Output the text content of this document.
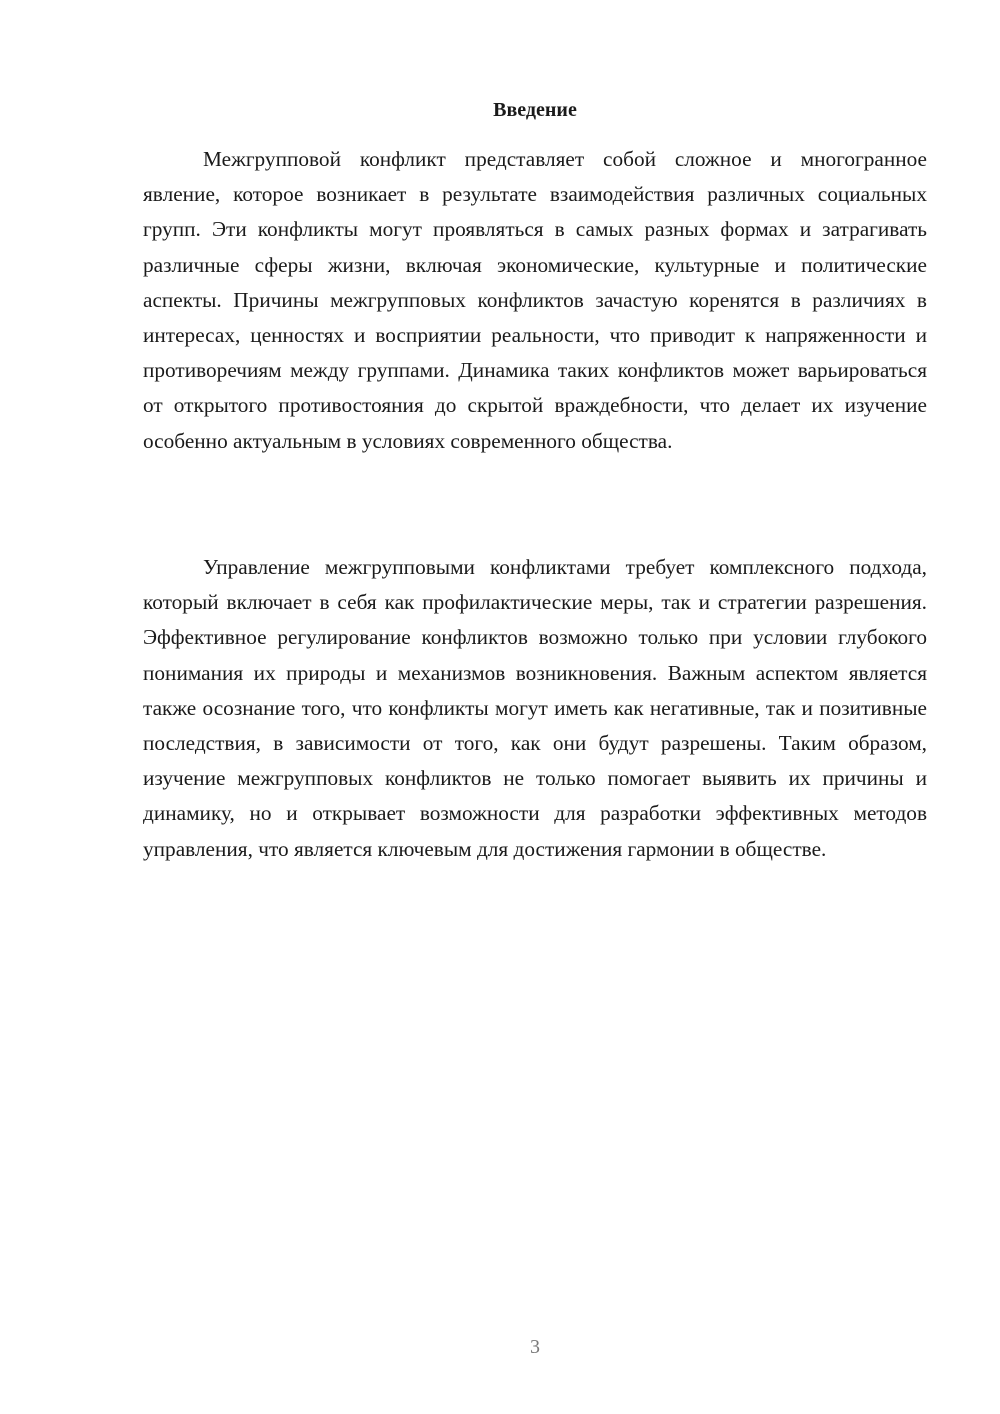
Введение

Межгрупповой конфликт представляет собой сложное и многогранное явление, которое возникает в результате взаимодействия различных социальных групп. Эти конфликты могут проявляться в самых разных формах и затрагивать различные сферы жизни, включая экономические, культурные и политические аспекты. Причины межгрупповых конфликтов зачастую коренятся в различиях в интересах, ценностях и восприятии реальности, что приводит к напряженности и противоречиям между группами. Динамика таких конфликтов может варьироваться от открытого противостояния до скрытой враждебности, что делает их изучение особенно актуальным в условиях современного общества.

Управление межгрупповыми конфликтами требует комплексного подхода, который включает в себя как профилактические меры, так и стратегии разрешения. Эффективное регулирование конфликтов возможно только при условии глубокого понимания их природы и механизмов возникновения. Важным аспектом является также осознание того, что конфликты могут иметь как негативные, так и позитивные последствия, в зависимости от того, как они будут разрешены. Таким образом, изучение межгрупповых конфликтов не только помогает выявить их причины и динамику, но и открывает возможности для разработки эффективных методов управления, что является ключевым для достижения гармонии в обществе.

3
